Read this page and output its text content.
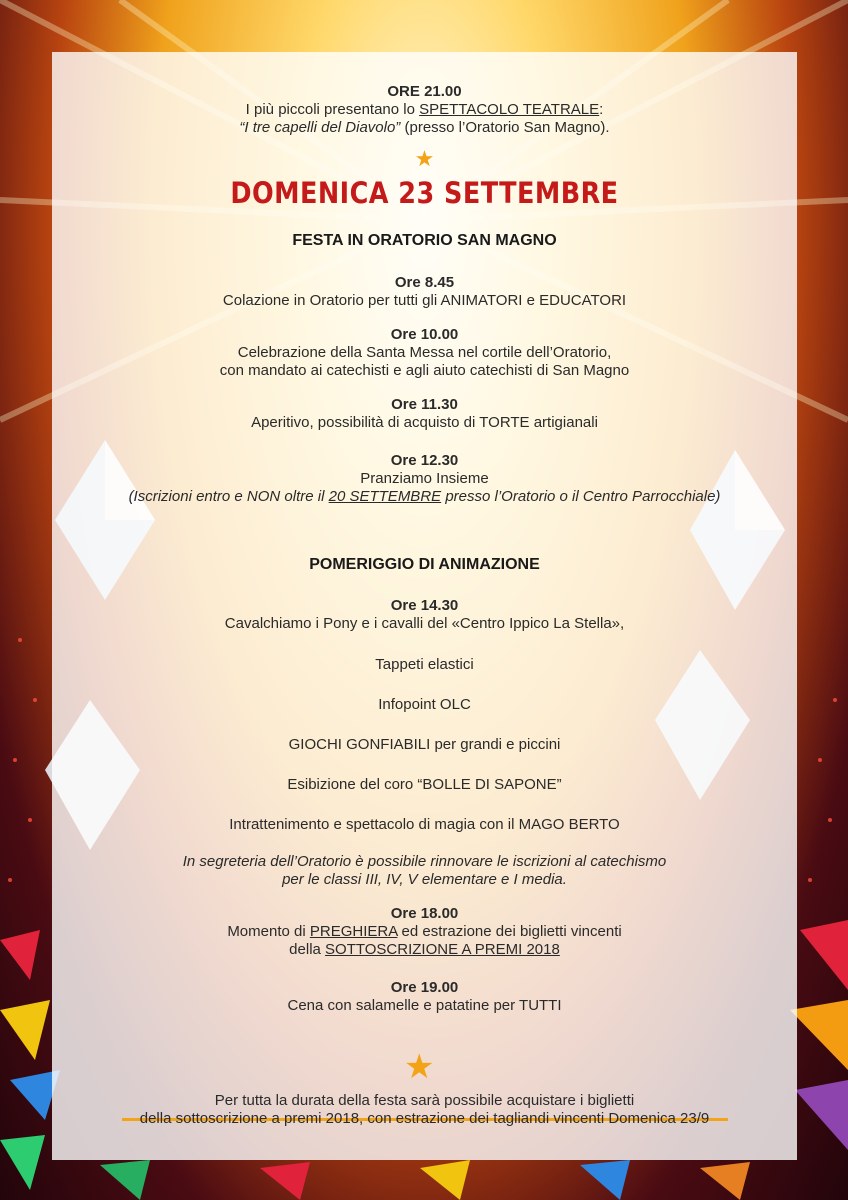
ORE 21.00
I più piccoli presentano lo SPETTACOLO TEATRALE:
“I tre capelli del Diavolo” (presso l’Oratorio San Magno).
★
DOMENICA 23 SETTEMBRE
FESTA IN ORATORIO SAN MAGNO
Ore 8.45
Colazione in Oratorio per tutti gli ANIMATORI e EDUCATORI
Ore 10.00
Celebrazione della Santa Messa nel cortile dell’Oratorio,
con mandato ai catechisti e agli aiuto catechisti di San Magno
Ore 11.30
Aperitivo, possibilità di acquisto di TORTE artigianali
Ore 12.30
Pranziamo Insieme
(Iscrizioni entro e NON oltre il 20 SETTEMBRE presso l’Oratorio o il Centro Parrocchiale)
POMERIGGIO DI ANIMAZIONE
Ore 14.30
Cavalchiamo i Pony e i cavalli del «Centro Ippico La Stella»,
Tappeti elastici
Infopoint OLC
GIOCHI GONFIABILI per grandi e piccini
Esibizione del coro “BOLLE DI SAPONE”
Intrattenimento e spettacolo di magia con il MAGO BERTO
In segreteria dell’Oratorio è possibile rinnovare le iscrizioni al catechismo
per le classi III, IV, V elementare e I media.
Ore 18.00
Momento di PREGHIERA ed estrazione dei biglietti vincenti
della SOTTOSCRIZIONE A PREMI 2018
Ore 19.00
Cena con salamelle e patatine per TUTTI
Per tutta la durata della festa sarà possibile acquistare i biglietti
della sottoscrizione a premi 2018, con estrazione dei tagliandi vincenti Domenica 23/9
★
